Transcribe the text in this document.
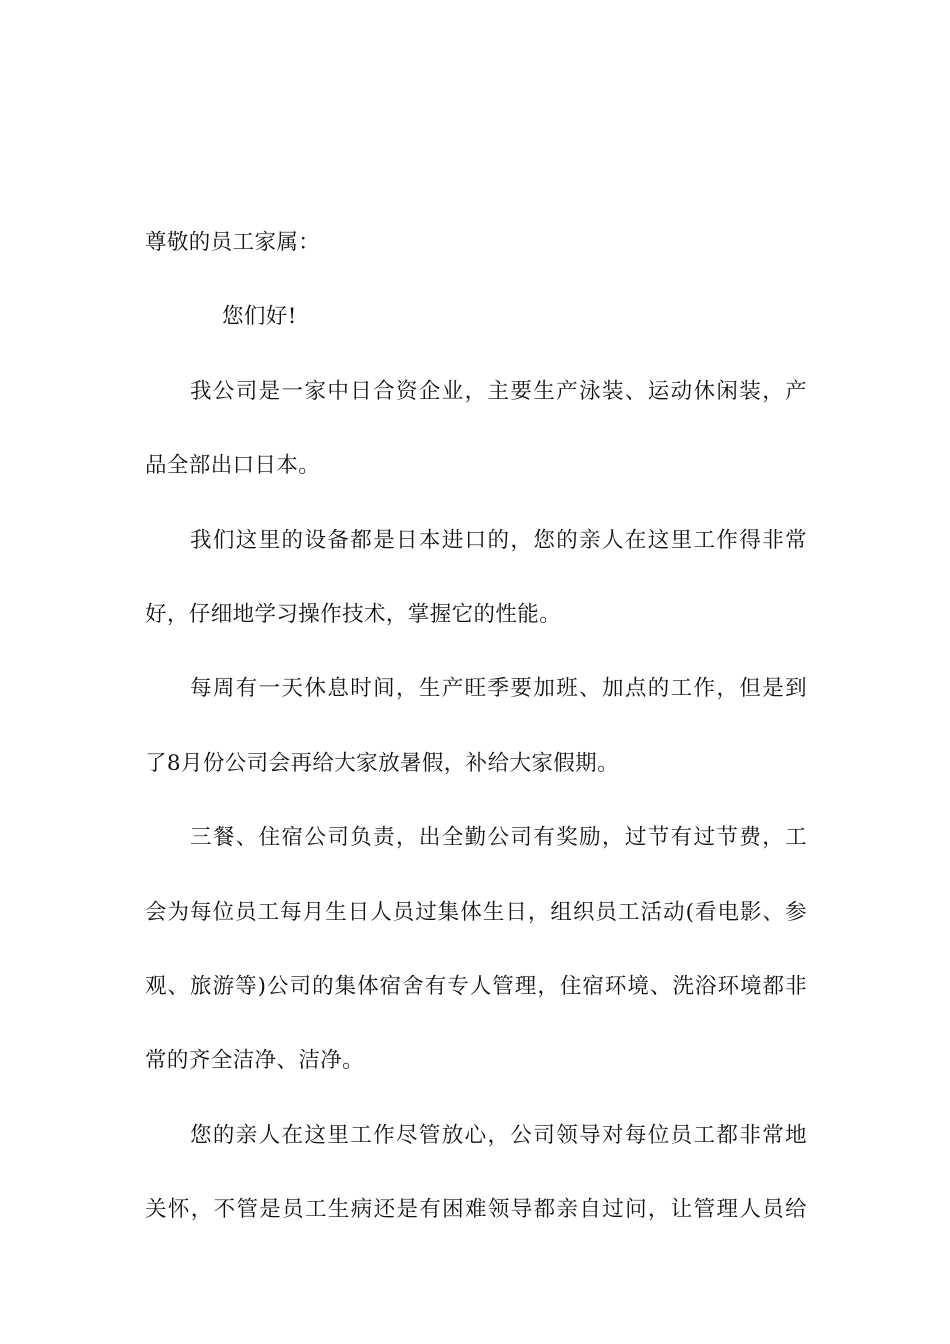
尊敬的员工家属：
您们好!
我公司是一家中日合资企业，主要生产泳装、运动休闲装，产
品全部出口日本。
我们这里的设备都是日本进口的，您的亲人在这里工作得非常
好，仔细地学习操作技术，掌握它的性能。
每周有一天休息时间，生产旺季要加班、加点的工作，但是到
了8月份公司会再给大家放暑假，补给大家假期。
三餐、住宿公司负责，出全勤公司有奖励，过节有过节费，工
会为每位员工每月生日人员过集体生日，组织员工活动(看电影、参
观、旅游等)公司的集体宿舍有专人管理，住宿环境、洗浴环境都非
常的齐全洁净、洁净。
您的亲人在这里工作尽管放心，公司领导对每位员工都非常地
关怀，不管是员工生病还是有困难领导都亲自过问，让管理人员给
